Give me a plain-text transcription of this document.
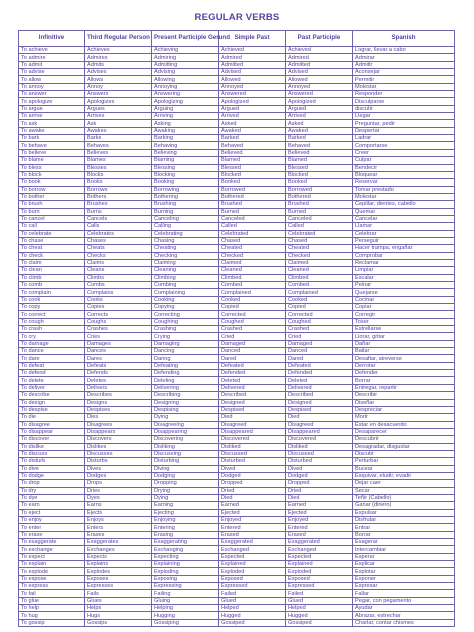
REGULAR VERBS
Infinitive	Third Regular Person	Present Participle Gerund	Simple Past	Past Participle	Spanish
To achieve	Achieves	Achieving	Achieved	Achieved	Lograr, llevar a cabo
To admire	Admires	Admiring	Admired	Admired	Admirar
To admit	Admits	Admitting	Admitted	Admitted	Admitir
To advise	Advises	Advising	Advised	Advised	Aconsejar
To allow	Allows	Allowing	Allowed	Allowed	Permitir
To annoy	Annoy	Annoying	Annoyed	Annoyed	Molestar
To answer	Answers	Answering	Answered	Answered	Responder
To apologize	Apologizes	Apologizing	Apologized	Apologized	Disculparse
To argue	Argues	Arguing	Argued	Argued	discutir
To arrive	Arrives	Arriving	Arrived	Arrived	Llegar
To ask	Ask	Asking	Asked	Asked	Preguntar, pedir
To awake	Awakes	Awaking	Awaked	Awaked	Despertar
To bark	Barks	Barking	Barked	Barked	Ladrar
To behave	Behaves	Behaving	Behaved	Behaved	Comportarse
To believe	Believes	Believing	Believed	Believed	Creer
To blame	Blames	Blaming	Blamed	Blamed	Culpar
To bless	Blesses	Blessing	Blessed	Blessed	Bendecir
To block	Blocks	Blocking	Blocked	Blocked	Bloquear
To book	Books	Booking	Booked	Booked	Reservar
To borrow	Borrows	Borrowing	Borrowed	Borrowed	Tomar prestado
To bother	Bothers	Bothering	Bothered	Bothered	Molestar
To brush	Brushes	Brushing	Brushed	Brushed	Cepillar, dientes, cabello
To burn	Burns	Burning	Burned	Burned	Quemar
To cancel	Cancels	Canceling	Canceled	Canceled	Cancelar
To call	Calls	Calling	Called	Called	Llamar
To celebrate	Celebrates	Celebrating	Celebrated	Celebrated	Celebrar
To chase	Chases	Chasing	Chased	Chased	Perseguir
To cheat	Cheats	Cheating	Cheated	Cheated	Hacer trampa, engañar
To check	Checks	Checking	Checked	Checked	Comprobar
To claim	Claims	Claiming	Claimed	Claimed	Reclamar
To clean	Cleans	Cleaning	Cleaned	Cleaned	Limpiar
To climb	Climbs	Climbing	Climbed	Climbed	Escalar
To comb	Combs	Combing	Combed	Combed	Peinar
To complain	Complains	Complaining	Complained	Complained	Quejarse
To cook	Cooks	Cooking	Cooked	Cooked	Cocinar
To copy	Copies	Copying	Copied	Copied	Copiar
To correct	Corrects	Correcting	Corrected	Corrected	Corregir
To cough	Coughs	Coughing	Coughed	Coughed	Toser
To crash	Crashes	Crashing	Crashed	Crashed	Estrellarse
To cry	Cries	Crying	Cried	Cried	Llorar, gritar
To damage	Damages	Damaging	Damaged	Damaged	Dañar
To dance	Dances	Dancing	Danced	Danced	Bailar
To dare	Dares	Daring	Dared	Dared	Desafiar, atreverse
To defeat	Defeats	Defeating	Defeated	Defeated	Derrotar
To defend	Defends	Defending	Defended	Defended	Defender
To delete	Deletes	Deleting	Deleted	Deleted	Borrar
To deliver	Delivers	Delivering	Delivered	Delivered	Entregar, repartir
To describe	Describes	Describing	Described	Described	Describir
To design	Designs	Designing	Designed	Designed	Diseñar
To despise	Despises	Despising	Despised	Despised	Despreciar
To die	Dies	Dying	Died	Died	Morir
To disagree	Disagrees	Disagreeing	Disagreed	Disagreed	Estar en desacuerdo
To disappear	Disappears	Disappearing	Disappeared	Disappeared	Desaparecer
To discover	Discovers	Discovering	Discovered	Discovered	Descubrir
To dislike	Dislikes	Disliking	Disliked	Disliked	Desagradar, disgustar
To discuss	Discusses	Discussing	Discussed	Discussed	Discutir
To disturb	Disturbs	Disturbing	Disturbed	Disturbed	Perturbar
To dive	Dives	Diving	Dived	Dived	Bucear
To dodge	Dodges	Dodging	Dodged	Dodged	Esquivar, eludir, evadir
To drop	Drops	Dropping	Dropped	Dropped	Dejar caer
To dry	Dries	Drying	Dried	Dried	Secar
To dye	Dyes	Dying	Died	Died	Teñir (Cabello)
To earn	Earns	Earning	Earned	Earned	Ganar (dinero)
To eject	Ejects	Ejecting	Ejected	Ejected	Expulsar
To enjoy	Enjoys	Enjoying	Enjoyed	Enjoyed	Disfrutar
To enter	Enters	Entering	Entered	Entered	Entrar
To erase	Erases	Erasing	Erased	Erased	Borrar
To exaggerate	Exaggerates	Exaggerating	Exaggerated	Exaggerated	Exagerar
To exchange	Exchanges	Exchanging	Exchanged	Exchanged	Intercambiar
To expect	Expects	Expecting	Expected	Expected	Esperar
To explain	Explains	Explaining	Explained	Explained	Explicar
To explode	Explodes	Exploding	Exploded	Exploded	Explotar
To expose	Exposes	Exposing	Exposed	Exposed	Exponer
To express	Expresses	Expressing	Expressed	Expressed	Expresar
To fail	Fails	Failing	Failed	Failed	Fallar
To glue	Glues	Gluing	Glued	Glued	Pegar, con pegamento
To help	Helps	Helping	Helped	Helped	Ayudar
To hug	Hugs	Hugging	Hugged	Hugged	Abrazar, estrechar
To gossip	Gossips	Gossiping	Gossiped	Gossiped	Charlar, contar chismes
